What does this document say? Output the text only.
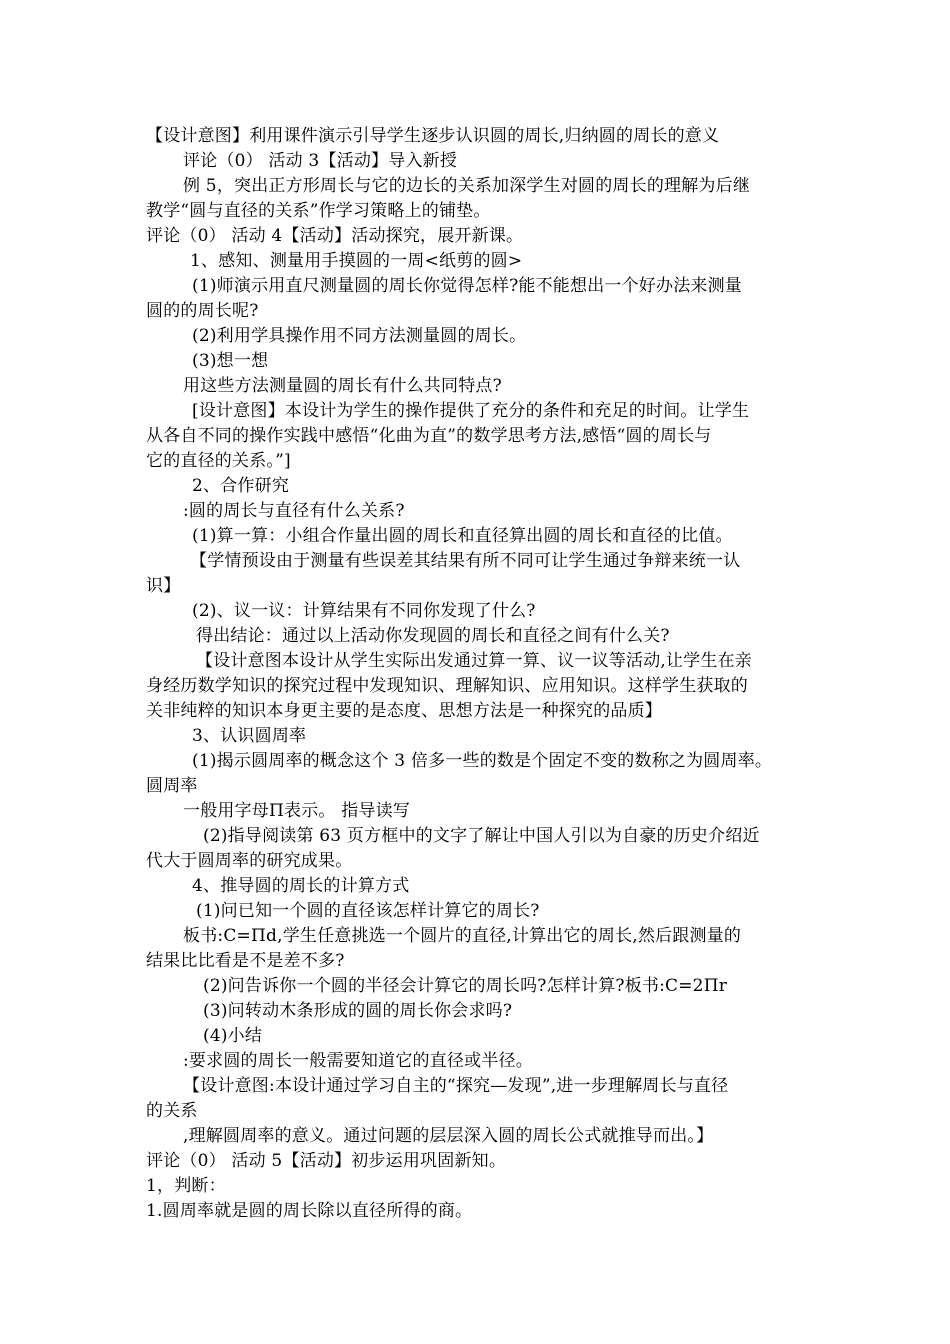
【设计意图】利用课件演示引导学生逐步认识圆的周长,归纳圆的周长的意义
评论（0） 活动 3【活动】导入新授
例 5，突出正方形周长与它的边长的关系加深学生对圆的周长的理解为后继
教学“圆与直径的关系”作学习策略上的铺垫。
评论（0） 活动 4【活动】活动探究，展开新课。
1、感知、测量用手摸圆的一周<纸剪的圆>
(1)师演示用直尺测量圆的周长你觉得怎样?能不能想出一个好办法来测量
圆的的周长呢?
(2)利用学具操作用不同方法测量圆的周长。
(3)想一想
用这些方法测量圆的周长有什么共同特点?
[设计意图】本设计为学生的操作提供了充分的条件和充足的时间。让学生
从各自不同的操作实践中感悟“化曲为直”的数学思考方法,感悟“圆的周长与
它的直径的关系。”]
2、合作研究
:圆的周长与直径有什么关系?
(1)算一算：小组合作量出圆的周长和直径算出圆的周长和直径的比值。
【学情预设由于测量有些误差其结果有所不同可让学生通过争辩来统一认
识】
(2)、议一议：计算结果有不同你发现了什么?
得出结论：通过以上活动你发现圆的周长和直径之间有什么关?
【设计意图本设计从学生实际出发通过算一算、议一议等活动,让学生在亲
身经历数学知识的探究过程中发现知识、理解知识、应用知识。这样学生获取的
关非纯粹的知识本身更主要的是态度、思想方法是一种探究的品质】
3、认识圆周率
(1)揭示圆周率的概念这个 3 倍多一些的数是个固定不变的数称之为圆周率。
圆周率
一般用字母Π表示。 指导读写
(2)指导阅读第 63 页方框中的文字了解让中国人引以为自豪的历史介绍近
代大于圆周率的研究成果。
4、推导圆的周长的计算方式
(1)问已知一个圆的直径该怎样计算它的周长?
板书:C=Πd,学生任意挑选一个圆片的直径,计算出它的周长,然后跟测量的
结果比比看是不是差不多?
(2)问告诉你一个圆的半径会计算它的周长吗?怎样计算?板书:C=2Πr
(3)问转动木条形成的圆的周长你会求吗?
(4)小结
:要求圆的周长一般需要知道它的直径或半径。
【设计意图:本设计通过学习自主的“探究—发现”,进一步理解周长与直径
的关系
,理解圆周率的意义。通过问题的层层深入圆的周长公式就推导而出。】
评论（0） 活动 5【活动】初步运用巩固新知。
1，判断：
1.圆周率就是圆的周长除以直径所得的商。
